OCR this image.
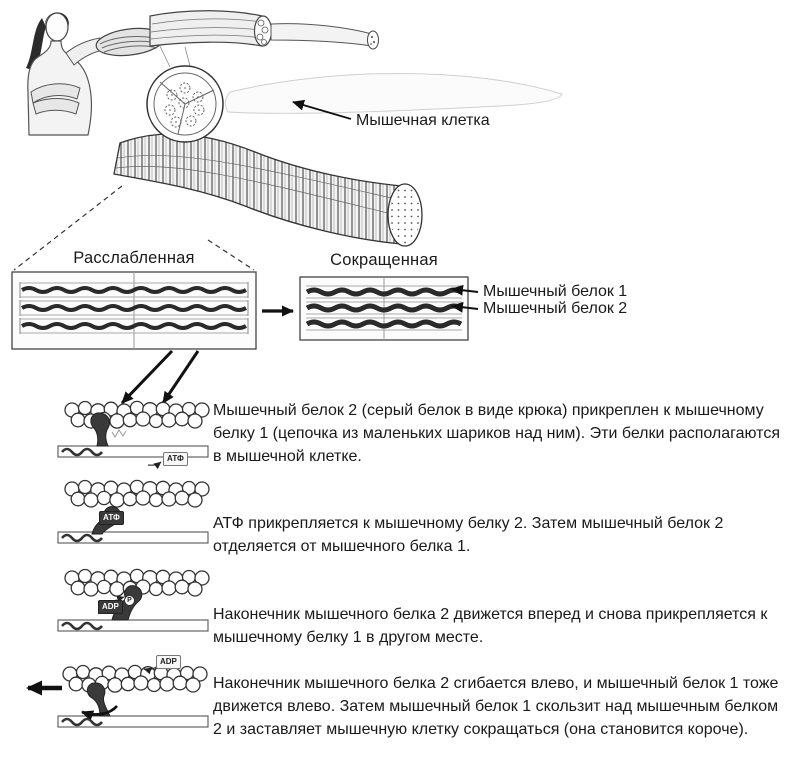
Мышечная клетка
Расслабленная	Сокращенная
Мышечный белок 1
Мышечный белок 2
Мышечный белок 2 (серый белок в виде крюка) прикреплен к мышечному белку 1 (цепочка из маленьких шариков над ним). Эти белки располагаются в мышечной клетке.
АТФ прикрепляется к мышечному белку 2. Затем мышечный белок 2 отделяется от мышечного белка 1.
Наконечник мышечного белка 2 движется вперед и снова прикрепляется к мышечному белку 1 в другом месте.
Наконечник мышечного белка 2 сгибается влево, и мышечный белок 1 тоже движется влево. Затем мышечный белок 1 скользит над мышечным белком 2 и заставляет мышечную клетку сокращаться (она становится короче).
АТФ
АТФ
ADP
P
ADP
